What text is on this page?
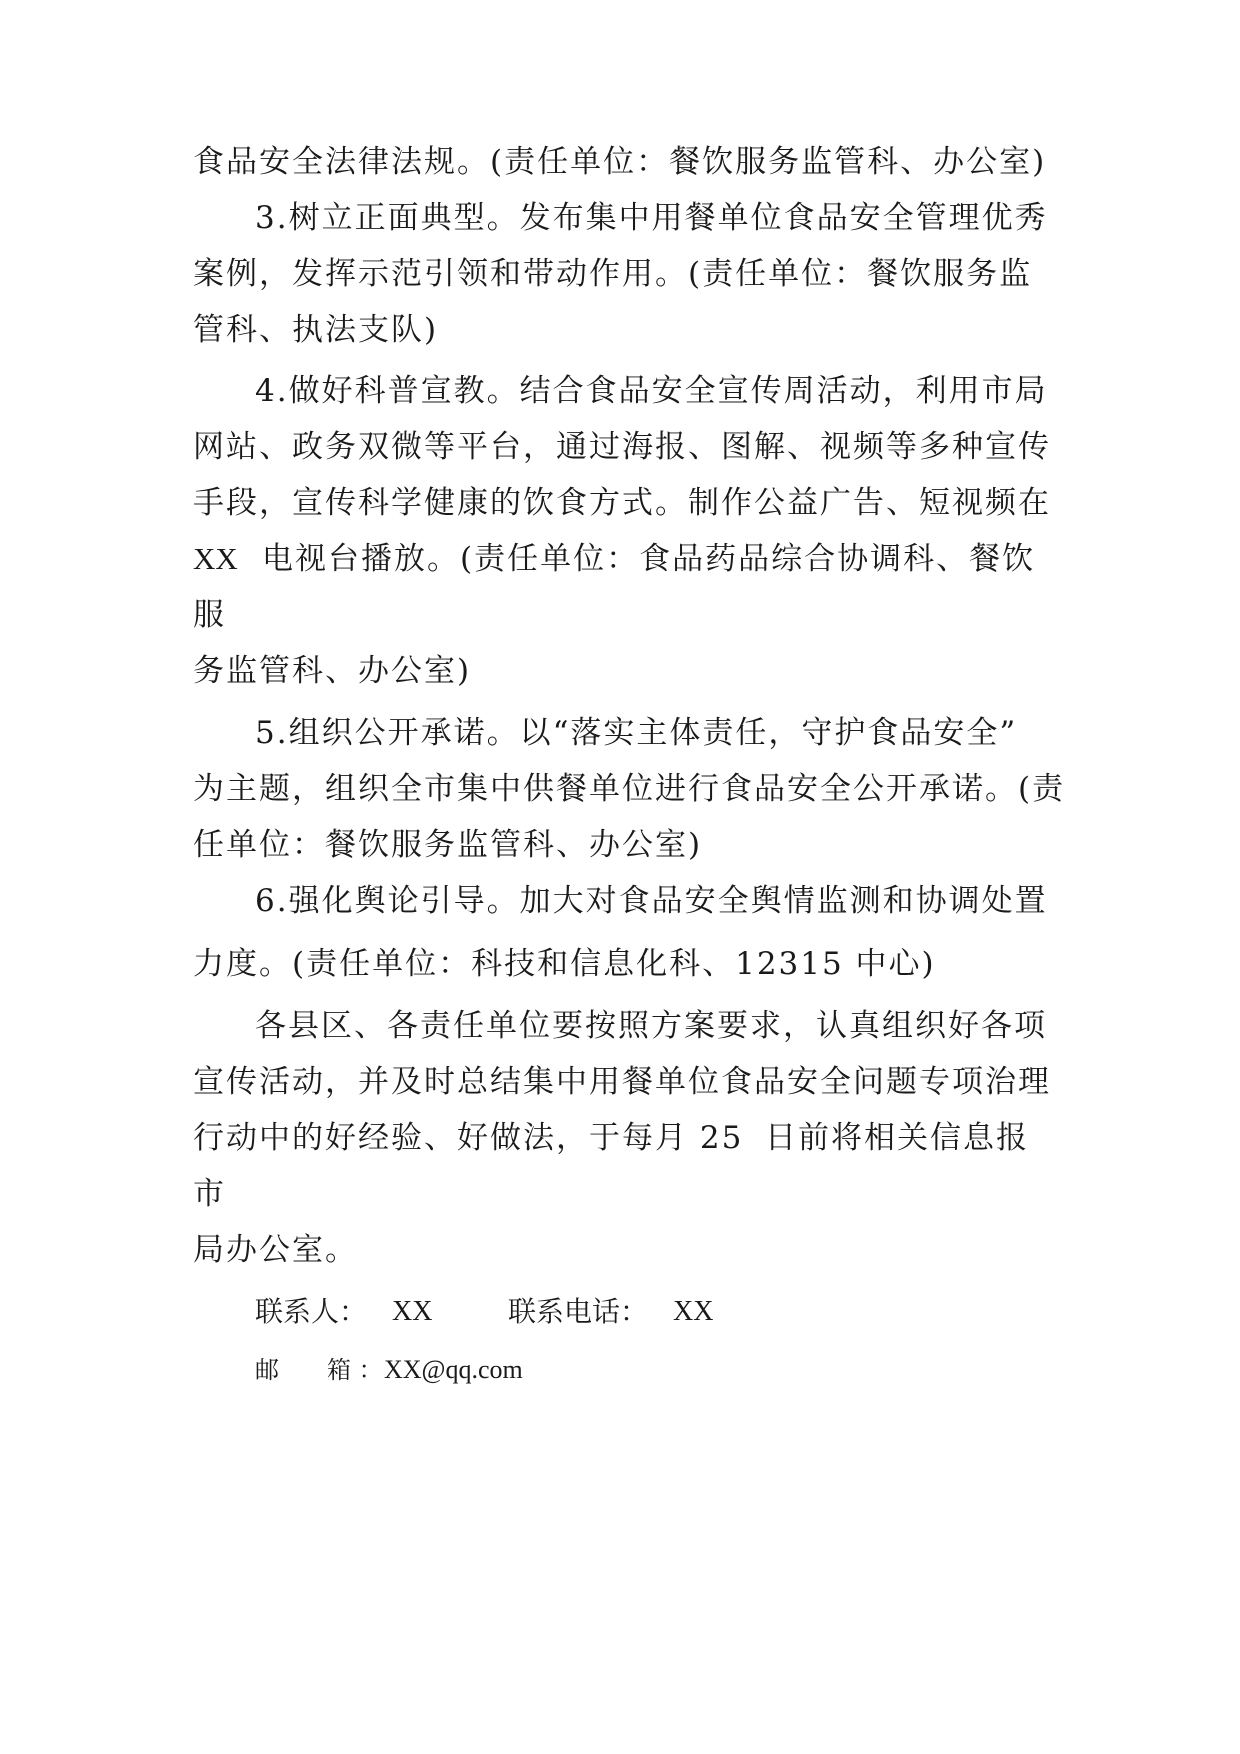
食品安全法律法规。(责任单位：餐饮服务监管科、办公室)
3.树立正面典型。发布集中用餐单位食品安全管理优秀
案例，发挥示范引领和带动作用。(责任单位：餐饮服务监
管科、执法支队)
4.做好科普宣教。结合食品安全宣传周活动，利用市局
网站、政务双微等平台，通过海报、图解、视频等多种宣传
手段，宣传科学健康的饮食方式。制作公益广告、短视频在
XX 电视台播放。(责任单位：食品药品综合协调科、餐饮
服
务监管科、办公室)
5.组织公开承诺。以“落实主体责任，守护食品安全”
为主题，组织全市集中供餐单位进行食品安全公开承诺。(责
任单位：餐饮服务监管科、办公室)
6.强化舆论引导。加大对食品安全舆情监测和协调处置
力度。(责任单位：科技和信息化科、12315 中心)
各县区、各责任单位要按照方案要求，认真组织好各项
宣传活动，并及时总结集中用餐单位食品安全问题专项治理
行动中的好经验、好做法，于每月 25 日前将相关信息报
市
局办公室。
联系人： XX	联系电话： XX
邮　　箱 ： XX@qq.com
